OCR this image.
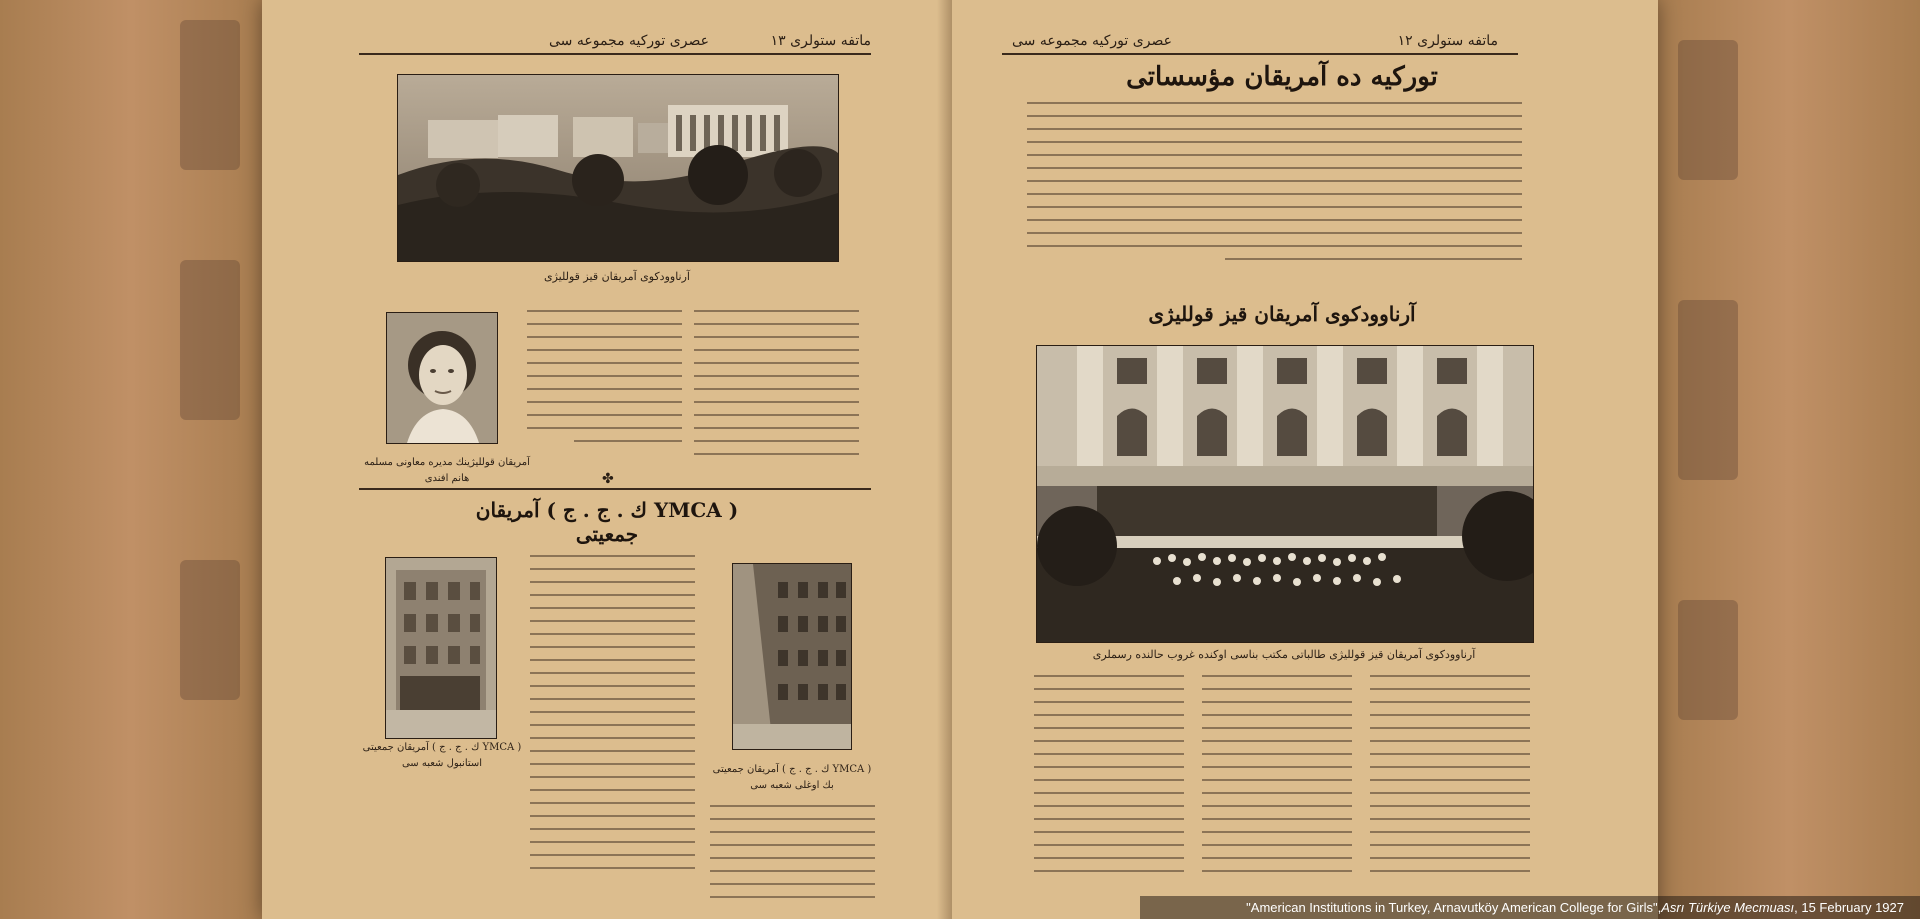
عصری تورکیه مجموعه سی	ماتفه ستولری ۱۳
آرناوودکوی آمریقان قیز قوللیژی
آمریقان قوللیژینك مدیره معاونی مسلمه هانم افندی	✤
( YMCA ك . ج . ج ) آمریقان جمعیتی
( YMCA ك . ج . ج ) آمریقان جمعیتی استانبول شعبه سی
( YMCA ك . ج . ج ) آمریقان جمعیتی بك اوغلی شعبه سی
عصری تورکیه مجموعه سی	ماتفه ستولری ۱۲
تورکیه ده آمریقان مؤسساتی
آرناوودکوی آمریقان قیز قوللیژی
آرناوودکوی آمریقان قیز قوللیژی طالباتی مکتب بناسی اوکنده غروب حالنده رسملری
"American Institutions in Turkey, Arnavutköy American College for Girls",Asrı Türkiye Mecmuası, 15 February 1927
